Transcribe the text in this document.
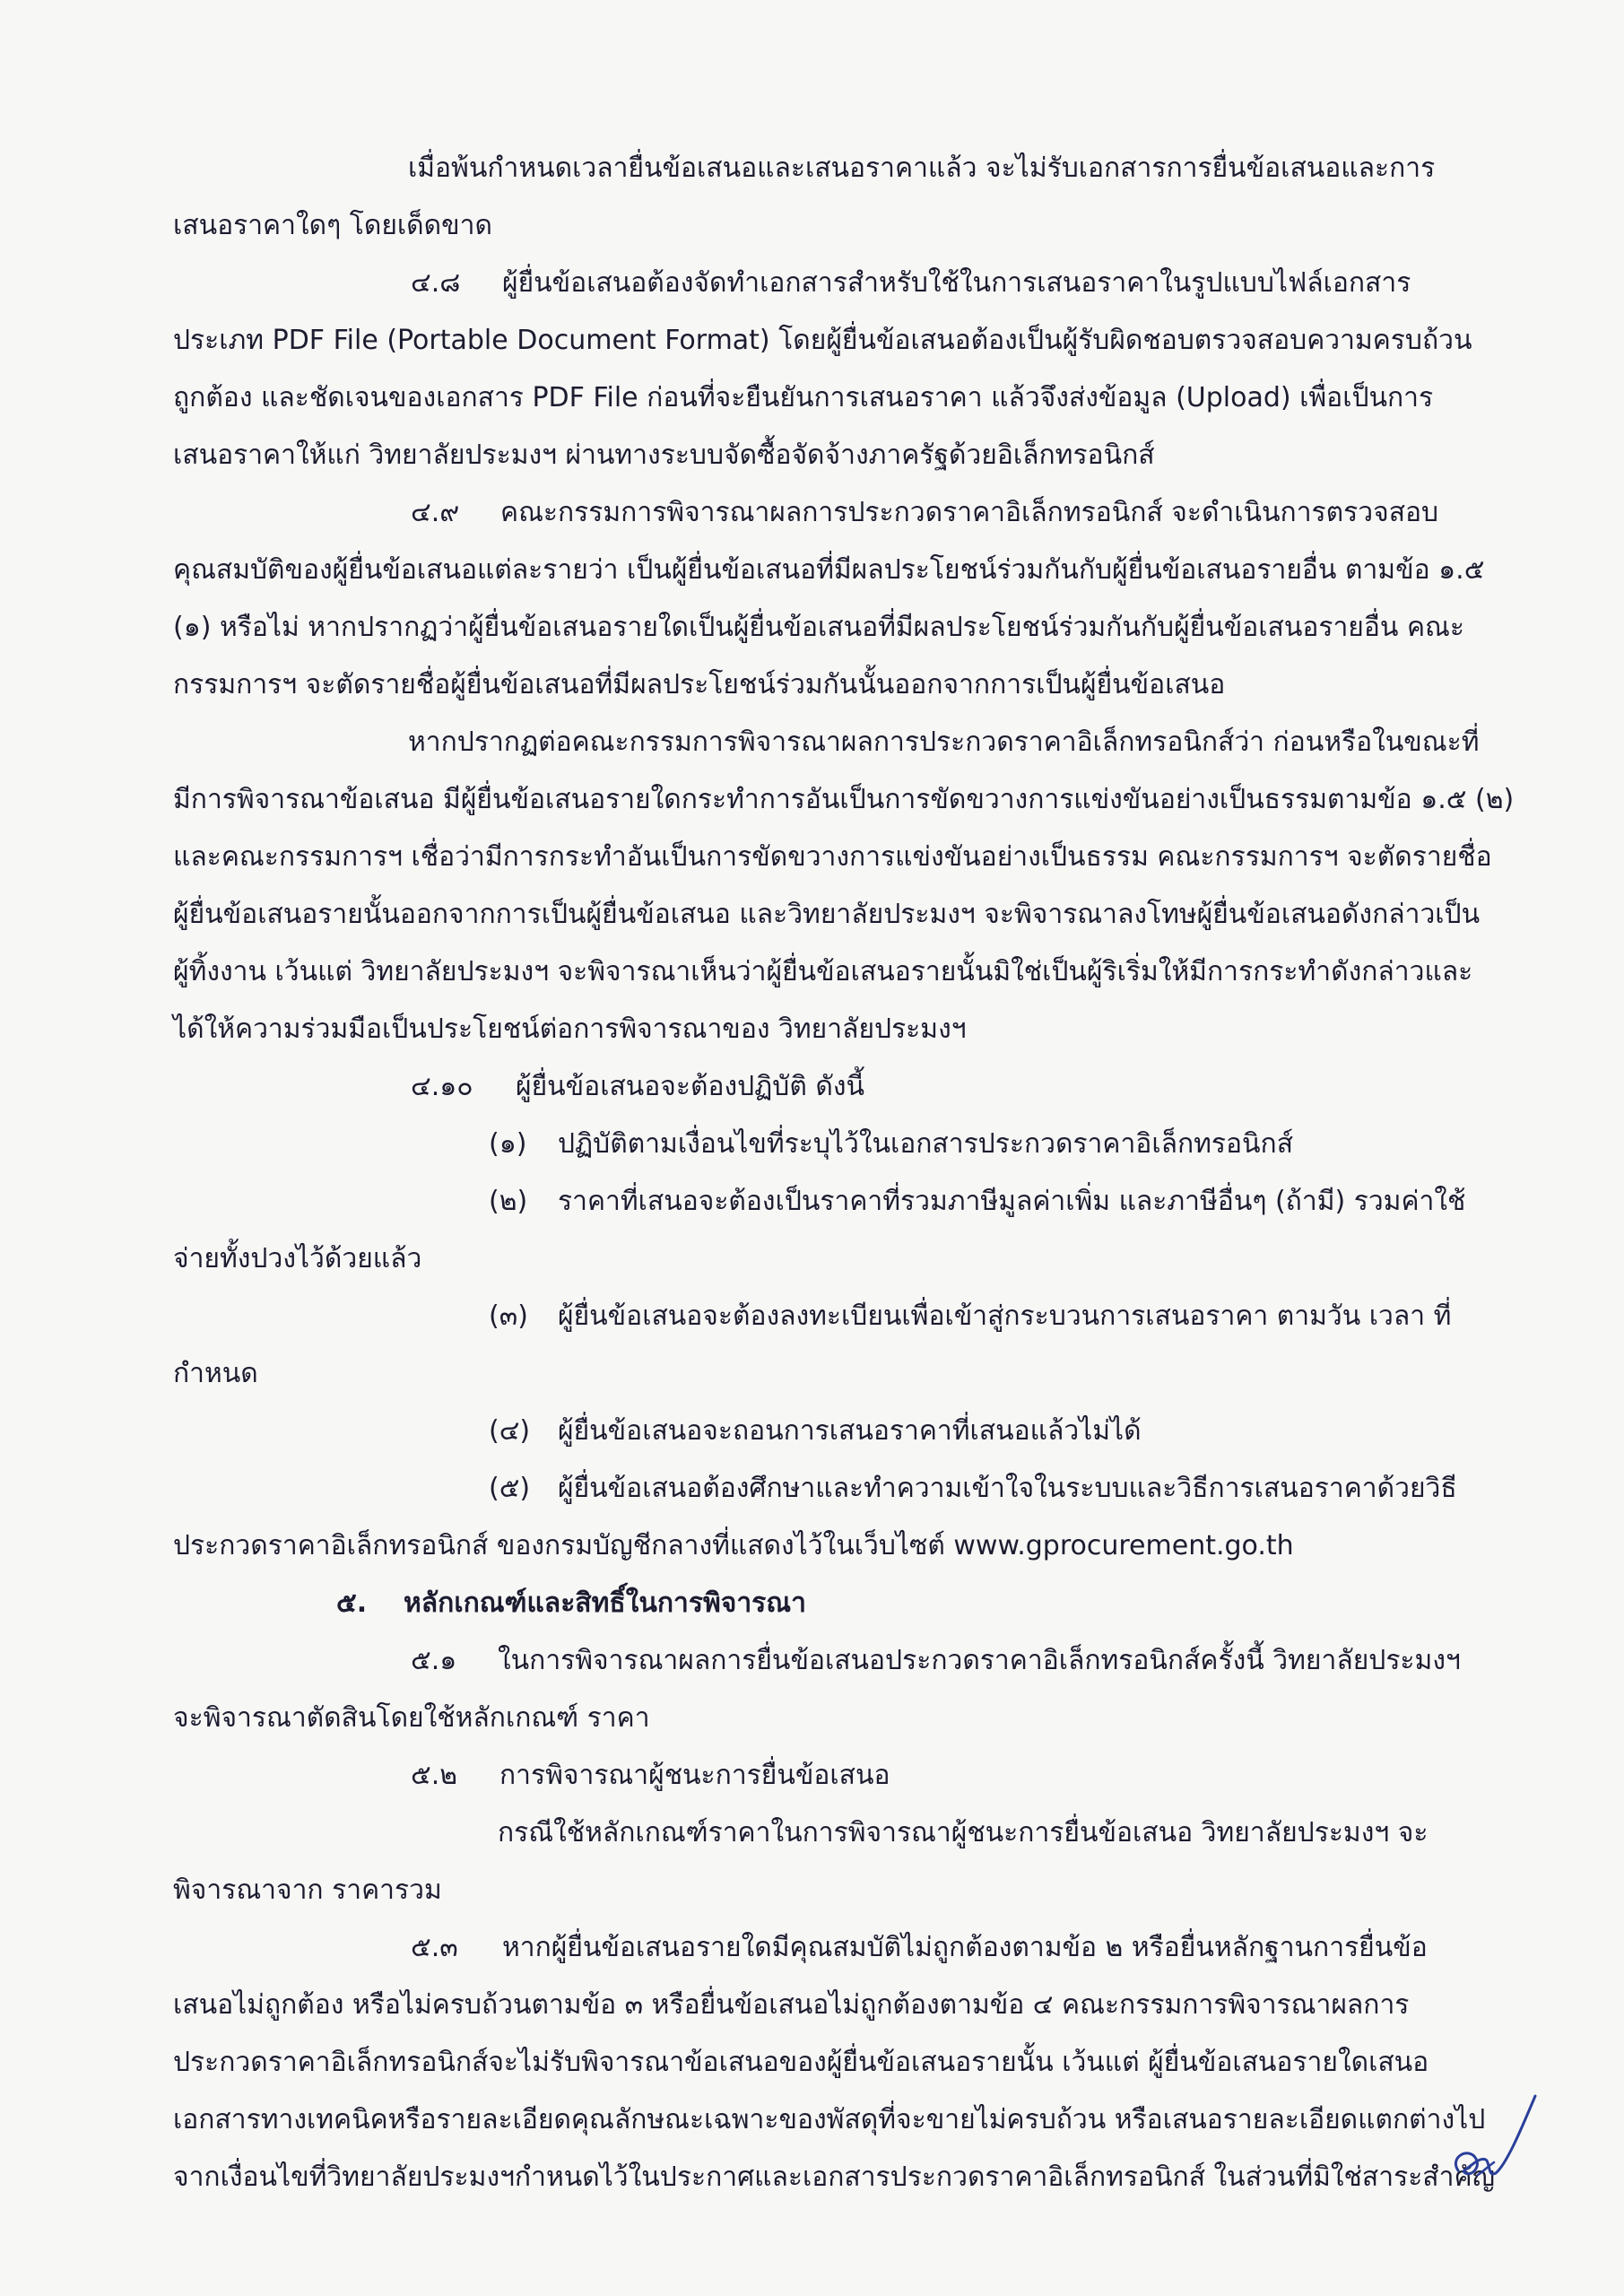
เมื่อพ้นกำหนดเวลายื่นข้อเสนอและเสนอราคาแล้ว จะไม่รับเอกสารการยื่นข้อเสนอและการ
เสนอราคาใดๆ โดยเด็ดขาด
๔.๘ ผู้ยื่นข้อเสนอต้องจัดทำเอกสารสำหรับใช้ในการเสนอราคาในรูปแบบไฟล์เอกสาร
ประเภท PDF File (Portable Document Format) โดยผู้ยื่นข้อเสนอต้องเป็นผู้รับผิดชอบตรวจสอบความครบถ้วน
ถูกต้อง และชัดเจนของเอกสาร PDF File ก่อนที่จะยืนยันการเสนอราคา แล้วจึงส่งข้อมูล (Upload) เพื่อเป็นการ
เสนอราคาให้แก่ วิทยาลัยประมงฯ ผ่านทางระบบจัดซื้อจัดจ้างภาครัฐด้วยอิเล็กทรอนิกส์
๔.๙ คณะกรรมการพิจารณาผลการประกวดราคาอิเล็กทรอนิกส์ จะดำเนินการตรวจสอบ
คุณสมบัติของผู้ยื่นข้อเสนอแต่ละรายว่า เป็นผู้ยื่นข้อเสนอที่มีผลประโยชน์ร่วมกันกับผู้ยื่นข้อเสนอรายอื่น ตามข้อ ๑.๕
(๑) หรือไม่ หากปรากฏว่าผู้ยื่นข้อเสนอรายใดเป็นผู้ยื่นข้อเสนอที่มีผลประโยชน์ร่วมกันกับผู้ยื่นข้อเสนอรายอื่น คณะ
กรรมการฯ จะตัดรายชื่อผู้ยื่นข้อเสนอที่มีผลประโยชน์ร่วมกันนั้นออกจากการเป็นผู้ยื่นข้อเสนอ
หากปรากฏต่อคณะกรรมการพิจารณาผลการประกวดราคาอิเล็กทรอนิกส์ว่า ก่อนหรือในขณะที่
มีการพิจารณาข้อเสนอ มีผู้ยื่นข้อเสนอรายใดกระทำการอันเป็นการขัดขวางการแข่งขันอย่างเป็นธรรมตามข้อ ๑.๕ (๒)
และคณะกรรมการฯ เชื่อว่ามีการกระทำอันเป็นการขัดขวางการแข่งขันอย่างเป็นธรรม คณะกรรมการฯ จะตัดรายชื่อ
ผู้ยื่นข้อเสนอรายนั้นออกจากการเป็นผู้ยื่นข้อเสนอ และวิทยาลัยประมงฯ จะพิจารณาลงโทษผู้ยื่นข้อเสนอดังกล่าวเป็น
ผู้ทิ้งงาน เว้นแต่ วิทยาลัยประมงฯ จะพิจารณาเห็นว่าผู้ยื่นข้อเสนอรายนั้นมิใช่เป็นผู้ริเริ่มให้มีการกระทำดังกล่าวและ
ได้ให้ความร่วมมือเป็นประโยชน์ต่อการพิจารณาของ วิทยาลัยประมงฯ
๔.๑๐ ผู้ยื่นข้อเสนอจะต้องปฏิบัติ ดังนี้
(๑) ปฏิบัติตามเงื่อนไขที่ระบุไว้ในเอกสารประกวดราคาอิเล็กทรอนิกส์
(๒) ราคาที่เสนอจะต้องเป็นราคาที่รวมภาษีมูลค่าเพิ่ม และภาษีอื่นๆ (ถ้ามี) รวมค่าใช้
จ่ายทั้งปวงไว้ด้วยแล้ว
(๓) ผู้ยื่นข้อเสนอจะต้องลงทะเบียนเพื่อเข้าสู่กระบวนการเสนอราคา ตามวัน เวลา ที่
กำหนด
(๔) ผู้ยื่นข้อเสนอจะถอนการเสนอราคาที่เสนอแล้วไม่ได้
(๕) ผู้ยื่นข้อเสนอต้องศึกษาและทำความเข้าใจในระบบและวิธีการเสนอราคาด้วยวิธี
ประกวดราคาอิเล็กทรอนิกส์ ของกรมบัญชีกลางที่แสดงไว้ในเว็บไซต์ www.gprocurement.go.th
๕. หลักเกณฑ์และสิทธิ์ในการพิจารณา
๕.๑ ในการพิจารณาผลการยื่นข้อเสนอประกวดราคาอิเล็กทรอนิกส์ครั้งนี้ วิทยาลัยประมงฯ
จะพิจารณาตัดสินโดยใช้หลักเกณฑ์ ราคา
๕.๒ การพิจารณาผู้ชนะการยื่นข้อเสนอ
กรณีใช้หลักเกณฑ์ราคาในการพิจารณาผู้ชนะการยื่นข้อเสนอ วิทยาลัยประมงฯ จะ
พิจารณาจาก ราคารวม
๕.๓ หากผู้ยื่นข้อเสนอรายใดมีคุณสมบัติไม่ถูกต้องตามข้อ ๒ หรือยื่นหลักฐานการยื่นข้อ
เสนอไม่ถูกต้อง หรือไม่ครบถ้วนตามข้อ ๓ หรือยื่นข้อเสนอไม่ถูกต้องตามข้อ ๔ คณะกรรมการพิจารณาผลการ
ประกวดราคาอิเล็กทรอนิกส์จะไม่รับพิจารณาข้อเสนอของผู้ยื่นข้อเสนอรายนั้น เว้นแต่ ผู้ยื่นข้อเสนอรายใดเสนอ
เอกสารทางเทคนิคหรือรายละเอียดคุณลักษณะเฉพาะของพัสดุที่จะขายไม่ครบถ้วน หรือเสนอรายละเอียดแตกต่างไป
จากเงื่อนไขที่วิทยาลัยประมงฯกำหนดไว้ในประกาศและเอกสารประกวดราคาอิเล็กทรอนิกส์ ในส่วนที่มิใช่สาระสำคัญ
